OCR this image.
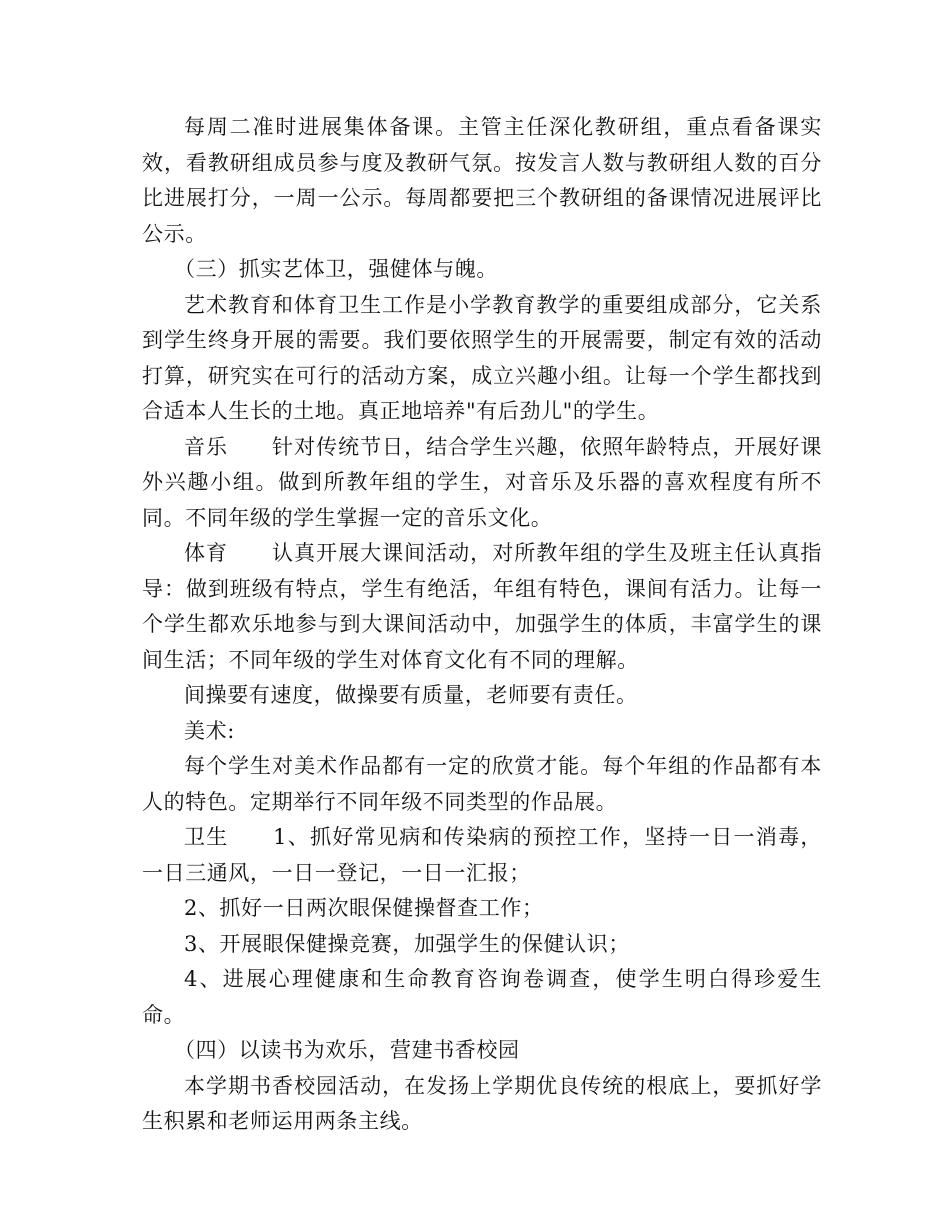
每周二准时进展集体备课。主管主任深化教研组，重点看备课实效，看教研组成员参与度及教研气氛。按发言人数与教研组人数的百分比进展打分，一周一公示。每周都要把三个教研组的备课情况进展评比公示。

（三）抓实艺体卫，强健体与魄。

艺术教育和体育卫生工作是小学教育教学的重要组成部分，它关系到学生终身开展的需要。我们要依照学生的开展需要，制定有效的活动打算，研究实在可行的活动方案，成立兴趣小组。让每一个学生都找到合适本人生长的土地。真正地培养"有后劲儿"的学生。

音乐　　针对传统节日，结合学生兴趣，依照年龄特点，开展好课外兴趣小组。做到所教年组的学生，对音乐及乐器的喜欢程度有所不同。不同年级的学生掌握一定的音乐文化。

体育　　认真开展大课间活动，对所教年组的学生及班主任认真指导：做到班级有特点，学生有绝活，年组有特色，课间有活力。让每一个学生都欢乐地参与到大课间活动中，加强学生的体质，丰富学生的课间生活；不同年级的学生对体育文化有不同的理解。

间操要有速度，做操要有质量，老师要有责任。

美术:

每个学生对美术作品都有一定的欣赏才能。每个年组的作品都有本人的特色。定期举行不同年级不同类型的作品展。

卫生　　1、抓好常见病和传染病的预控工作，坚持一日一消毒，一日三通风，一日一登记，一日一汇报；

2、抓好一日两次眼保健操督查工作；

3、开展眼保健操竞赛，加强学生的保健认识；

4、进展心理健康和生命教育咨询卷调查，使学生明白得珍爱生命。

（四）以读书为欢乐，营建书香校园

本学期书香校园活动，在发扬上学期优良传统的根底上，要抓好学生积累和老师运用两条主线。
